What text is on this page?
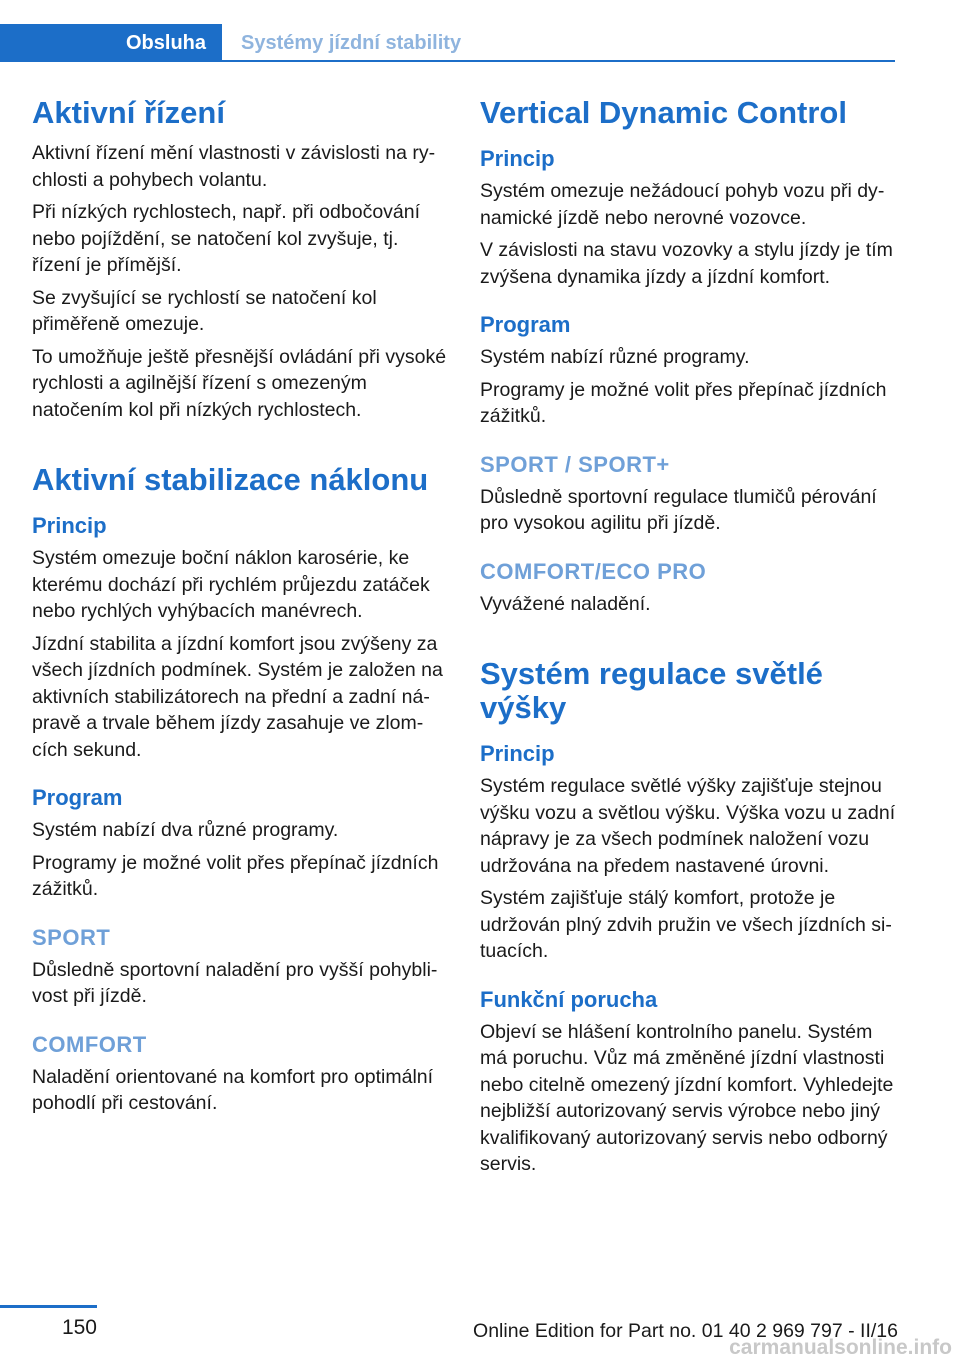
Obsluha	Systémy jízdní stability
Aktivní řízení

Aktivní řízení mění vlastnosti v závislosti na rychlosti a pohybech volantu.

Při nízkých rychlostech, např. při odbočování nebo pojíždění, se natočení kol zvyšuje, tj. řízení je přímější.

Se zvyšující se rychlostí se natočení kol přiměřeně omezuje.

To umožňuje ještě přesnější ovládání při vysoké rychlosti a agilnější řízení s omezeným natočením kol při nízkých rychlostech.

Aktivní stabilizace náklonu
Princip

Systém omezuje boční náklon karosérie, ke kterému dochází při rychlém průjezdu zatáček nebo rychlých vyhýbacích manévrech.

Jízdní stabilita a jízdní komfort jsou zvýšeny za všech jízdních podmínek. Systém je založen na aktivních stabilizátorech na přední a zadní nápravě a trvale během jízdy zasahuje ve zlomcích sekund.

Program

Systém nabízí dva různé programy.

Programy je možné volit přes přepínač jízdních zážitků.

SPORT

Důsledně sportovní naladění pro vyšší pohyblivost při jízdě.

COMFORT

Naladění orientované na komfort pro optimální pohodlí při cestování.

Vertical Dynamic Control
Princip

Systém omezuje nežádoucí pohyb vozu při dynamické jízdě nebo nerovné vozovce.

V závislosti na stavu vozovky a stylu jízdy je tím zvýšena dynamika jízdy a jízdní komfort.

Program

Systém nabízí různé programy.

Programy je možné volit přes přepínač jízdních zážitků.

SPORT / SPORT+

Důsledně sportovní regulace tlumičů pérování pro vysokou agilitu při jízdě.

COMFORT/ECO PRO

Vyvážené naladění.

Systém regulace světlé výšky
Princip

Systém regulace světlé výšky zajišťuje stejnou výšku vozu a světlou výšku. Výška vozu u zadní nápravy je za všech podmínek naložení vozu udržována na předem nastavené úrovni.

Systém zajišťuje stálý komfort, protože je udržován plný zdvih pružin ve všech jízdních situacích.

Funkční porucha

Objeví se hlášení kontrolního panelu. Systém má poruchu. Vůz má změněné jízdní vlastnosti nebo citelně omezený jízdní komfort. Vyhledejte nejbližší autorizovaný servis výrobce nebo jiný kvalifikovaný autorizovaný servis nebo odborný servis.

150	Online Edition for Part no. 01 40 2 969 797 - II/16
carmanualsonline.info
